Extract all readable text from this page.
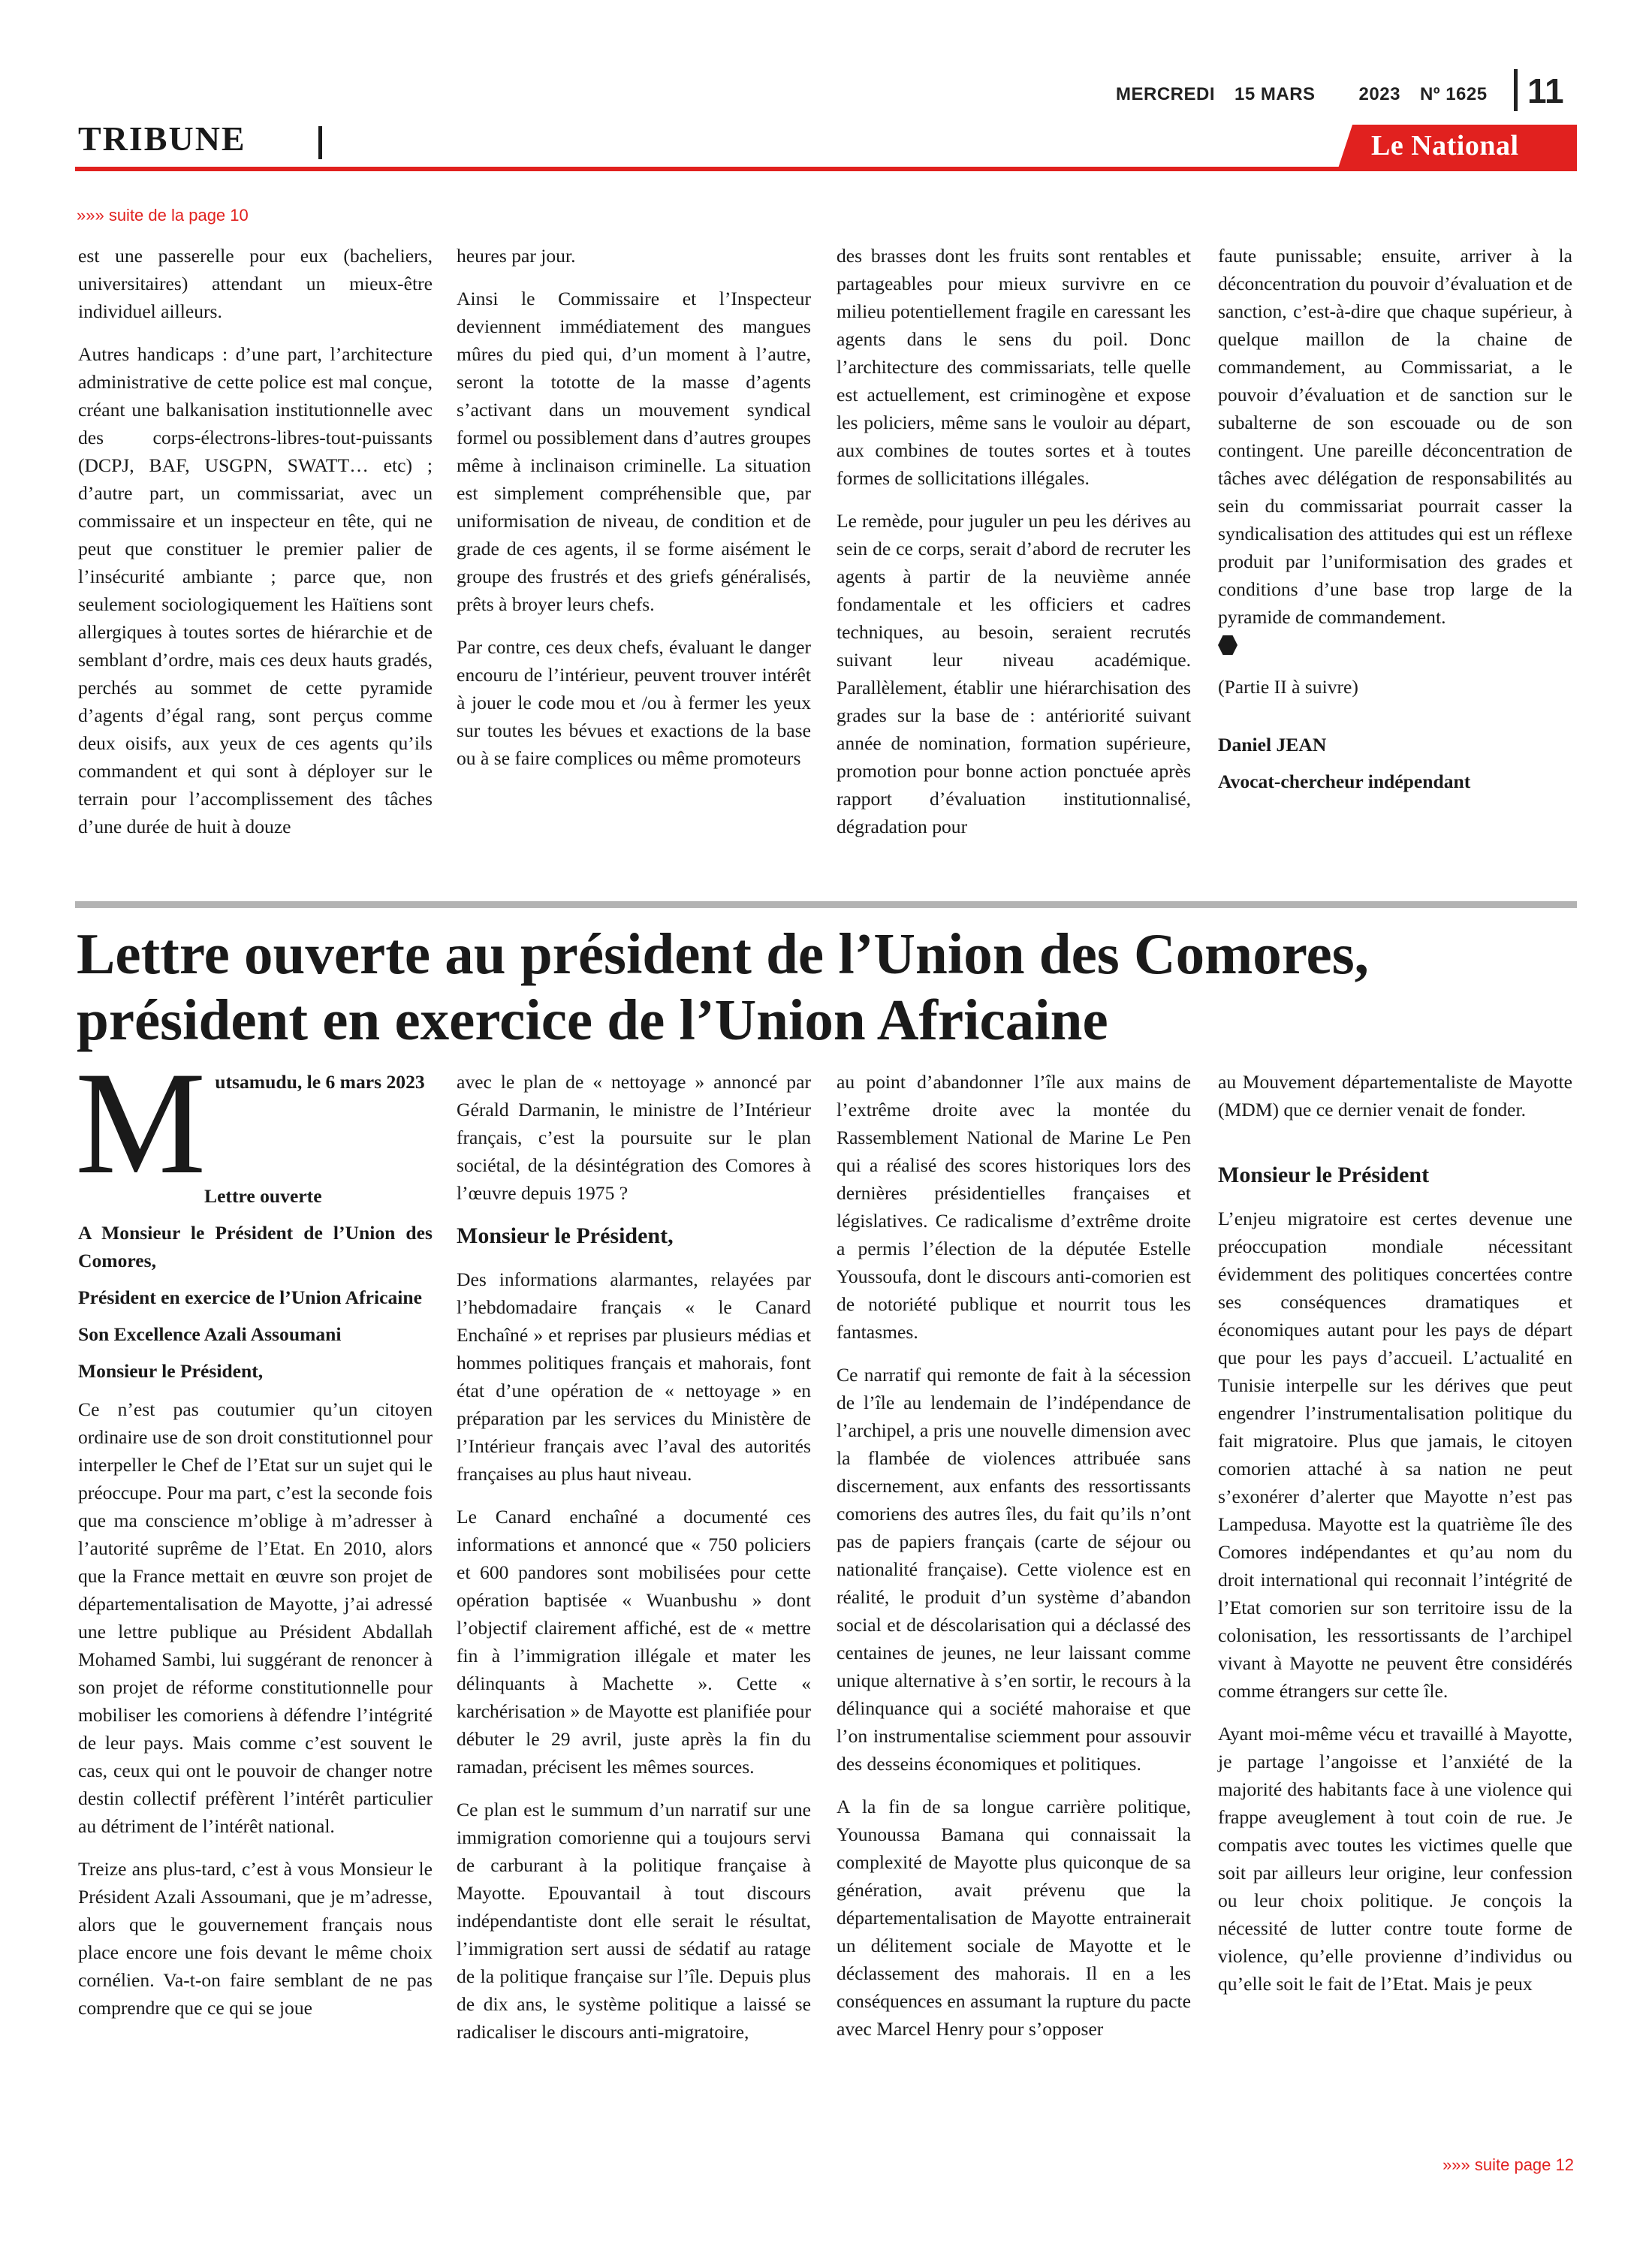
MERCREDI 15 MARS 2023 Nº 1625	11
TRIBUNE	Le National
»»» suite de la page 10

est une passerelle pour eux (bacheliers, universitaires) attendant un mieux-être individuel ailleurs.

Autres handicaps : d’une part, l’architecture administrative de cette police est mal conçue, créant une balkanisation institutionnelle avec des corps-électrons-libres-tout-puissants (DCPJ, BAF, USGPN, SWATT… etc) ; d’autre part, un commissariat, avec un commissaire et un inspecteur en tête, qui ne peut que constituer le premier palier de l’insécurité ambiante ; parce que, non seulement sociologiquement les Haïtiens sont allergiques à toutes sortes de hiérarchie et de semblant d’ordre, mais ces deux hauts gradés, perchés au sommet de cette pyramide d’agents d’égal rang, sont perçus comme deux oisifs, aux yeux de ces agents qu’ils commandent et qui sont à déployer sur le terrain pour l’accomplissement des tâches d’une durée de huit à douze

heures par jour.

Ainsi le Commissaire et l’Inspecteur deviennent immédiatement des mangues mûres du pied qui, d’un moment à l’autre, seront la tototte de la masse d’agents s’activant dans un mouvement syndical formel ou possiblement dans d’autres groupes même à inclinaison criminelle. La situation est simplement compréhensible que, par uniformisation de niveau, de condition et de grade de ces agents, il se forme aisément le groupe des frustrés et des griefs généralisés, prêts à broyer leurs chefs.

Par contre, ces deux chefs, évaluant le danger encouru de l’intérieur, peuvent trouver intérêt à jouer le code mou et /ou à fermer les yeux sur toutes les bévues et exactions de la base ou à se faire complices ou même promoteurs

des brasses dont les fruits sont rentables et partageables pour mieux survivre en ce milieu potentiellement fragile en caressant les agents dans le sens du poil. Donc l’architecture des commissariats, telle quelle est actuellement, est criminogène et expose les policiers, même sans le vouloir au départ, aux combines de toutes sortes et à toutes formes de sollicitations illégales.

Le remède, pour juguler un peu les dérives au sein de ce corps, serait d’abord de recruter les agents à partir de la neuvième année fondamentale et les officiers et cadres techniques, au besoin, seraient recrutés suivant leur niveau académique. Parallèlement, établir une hiérarchisation des grades sur la base de : antériorité suivant année de nomination, formation supérieure, promotion pour bonne action ponctuée après rapport d’évaluation institutionnalisé, dégradation pour

faute punissable; ensuite, arriver à la déconcentration du pouvoir d’évaluation et de sanction, c’est-à-dire que chaque supérieur, à quelque maillon de la chaine de commandement, au Commissariat, a le pouvoir d’évaluation et de sanction sur le subalterne de son escouade ou de son contingent. Une pareille déconcentration de tâches avec délégation de responsabilités au sein du commissariat pourrait casser la syndicalisation des attitudes qui est un réflexe produit par l’uniformisation des grades et conditions d’une base trop large de la pyramide de commandement.

(Partie II à suivre)

Daniel JEAN

Avocat-chercheur indépendant

Lettre ouverte au président de l’Union des Comores, président en exercice de l’Union Africaine
M utsamudu, le 6 mars 2023

Lettre ouverte

A Monsieur le Président de l’Union des Comores,

Président en exercice de l’Union Africaine

Son Excellence Azali Assoumani

Monsieur le Président,

Ce n’est pas coutumier qu’un citoyen ordinaire use de son droit constitutionnel pour interpeller le Chef de l’Etat sur un sujet qui le préoccupe. Pour ma part, c’est la seconde fois que ma conscience m’oblige à m’adresser à l’autorité suprême de l’Etat. En 2010, alors que la France mettait en œuvre son projet de départementalisation de Mayotte, j’ai adressé une lettre publique au Président Abdallah Mohamed Sambi, lui suggérant de renoncer à son projet de réforme constitutionnelle pour mobiliser les comoriens à défendre l’intégrité de leur pays. Mais comme c’est souvent le cas, ceux qui ont le pouvoir de changer notre destin collectif préfèrent l’intérêt particulier au détriment de l’intérêt national.

Treize ans plus-tard, c’est à vous Monsieur le Président Azali Assoumani, que je m’adresse, alors que le gouvernement français nous place encore une fois devant le même choix cornélien. Va-t-on faire semblant de ne pas comprendre que ce qui se joue

avec le plan de « nettoyage » annoncé par Gérald Darmanin, le ministre de l’Intérieur français, c’est la poursuite sur le plan sociétal, de la désintégration des Comores à l’œuvre depuis 1975 ?

Monsieur le Président,

Des informations alarmantes, relayées par l’hebdomadaire français « le Canard Enchaîné » et reprises par plusieurs médias et hommes politiques français et mahorais, font état d’une opération de « nettoyage » en préparation par les services du Ministère de l’Intérieur français avec l’aval des autorités françaises au plus haut niveau.

Le Canard enchaîné a documenté ces informations et annoncé que « 750 policiers et 600 pandores sont mobilisées pour cette opération baptisée « Wuanbushu » dont l’objectif clairement affiché, est de « mettre fin à l’immigration illégale et mater les délinquants à Machette ». Cette « karchérisation » de Mayotte est planifiée pour débuter le 29 avril, juste après la fin du ramadan, précisent les mêmes sources.

Ce plan est le summum d’un narratif sur une immigration comorienne qui a toujours servi de carburant à la politique française à Mayotte. Epouvantail à tout discours indépendantiste dont elle serait le résultat, l’immigration sert aussi de sédatif au ratage de la politique française sur l’île. Depuis plus de dix ans, le système politique a laissé se radicaliser le discours anti-migratoire,

au point d’abandonner l’île aux mains de l’extrême droite avec la montée du Rassemblement National de Marine Le Pen qui a réalisé des scores historiques lors des dernières présidentielles françaises et législatives. Ce radicalisme d’extrême droite a permis l’élection de la députée Estelle Youssoufa, dont le discours anti-comorien est de notoriété publique et nourrit tous les fantasmes.

Ce narratif qui remonte de fait à la sécession de l’île au lendemain de l’indépendance de l’archipel, a pris une nouvelle dimension avec la flambée de violences attribuée sans discernement, aux enfants des ressortissants comoriens des autres îles, du fait qu’ils n’ont pas de papiers français (carte de séjour ou nationalité française). Cette violence est en réalité, le produit d’un système d’abandon social et de déscolarisation qui a déclassé des centaines de jeunes, ne leur laissant comme unique alternative à s’en sortir, le recours à la délinquance qui a société mahoraise et que l’on instrumentalise sciemment pour assouvir des desseins économiques et politiques.

A la fin de sa longue carrière politique, Younoussa Bamana qui connaissait la complexité de Mayotte plus quiconque de sa génération, avait prévenu que la départementalisation de Mayotte entrainerait un délitement sociale de Mayotte et le déclassement des mahorais. Il en a les conséquences en assumant la rupture du pacte avec Marcel Henry pour s’opposer

au Mouvement départementaliste de Mayotte (MDM) que ce dernier venait de fonder.

Monsieur le Président

L’enjeu migratoire est certes devenue une préoccupation mondiale nécessitant évidemment des politiques concertées contre ses conséquences dramatiques et économiques autant pour les pays de départ que pour les pays d’accueil. L’actualité en Tunisie interpelle sur les dérives que peut engendrer l’instrumentalisation politique du fait migratoire. Plus que jamais, le citoyen comorien attaché à sa nation ne peut s’exonérer d’alerter que Mayotte n’est pas Lampedusa. Mayotte est la quatrième île des Comores indépendantes et qu’au nom du droit international qui reconnait l’intégrité de l’Etat comorien sur son territoire issu de la colonisation, les ressortissants de l’archipel vivant à Mayotte ne peuvent être considérés comme étrangers sur cette île.

Ayant moi-même vécu et travaillé à Mayotte, je partage l’angoisse et l’anxiété de la majorité des habitants face à une violence qui frappe aveuglement à tout coin de rue. Je compatis avec toutes les victimes quelle que soit par ailleurs leur origine, leur confession ou leur choix politique. Je conçois la nécessité de lutter contre toute forme de violence, qu’elle provienne d’individus ou qu’elle soit le fait de l’Etat. Mais je peux

»»» suite page 12
